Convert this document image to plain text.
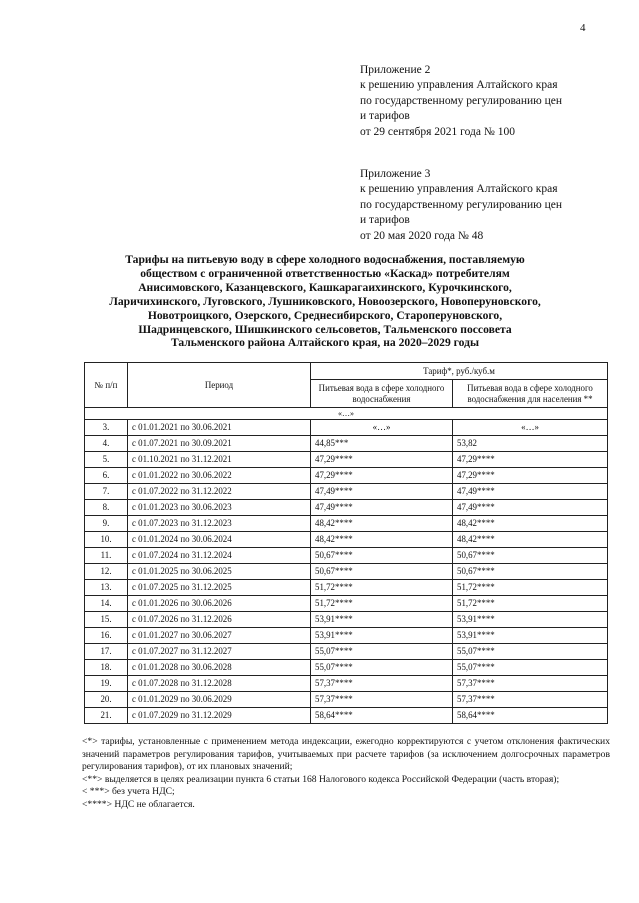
4
Приложение 2
к решению управления Алтайского края
по государственному регулированию цен
и тарифов
от 29 сентября 2021 года № 100
Приложение 3
к решению управления Алтайского края
по государственному регулированию цен
и тарифов
от 20 мая 2020 года № 48
Тарифы на питьевую воду в сфере холодного водоснабжения, поставляемую
обществом с ограниченной ответственностью «Каскад» потребителям
Анисимовского, Казанцевского, Кашкарагаихинского, Курочкинского,
Ларичихинского, Луговского, Лушниковского, Новоозерского, Новоперуновского,
Новотроицкого, Озерского, Среднесибирского, Староперуновского,
Шадринцевского, Шишкинского сельсоветов, Тальменского поссовета
Тальменского района Алтайского края, на 2020–2029 годы
№ п/п	Период	Тариф*, руб./куб.м	
		Питьевая вода в сфере холодного водоснабжения	Питьевая вода в сфере холодного водоснабжения для населения **
«…»			
3.	с 01.01.2021 по 30.06.2021	«…»	«…»
4.	с 01.07.2021 по 30.09.2021	44,85***	53,82
5.	с 01.10.2021 по 31.12.2021	47,29****	47,29****
6.	с 01.01.2022 по 30.06.2022	47,29****	47,29****
7.	с 01.07.2022 по 31.12.2022	47,49****	47,49****
8.	с 01.01.2023 по 30.06.2023	47,49****	47,49****
9.	с 01.07.2023 по 31.12.2023	48,42****	48,42****
10.	с 01.01.2024 по 30.06.2024	48,42****	48,42****
11.	с 01.07.2024 по 31.12.2024	50,67****	50,67****
12.	с 01.01.2025 по 30.06.2025	50,67****	50,67****
13.	с 01.07.2025 по 31.12.2025	51,72****	51,72****
14.	с 01.01.2026 по 30.06.2026	51,72****	51,72****
15.	с 01.07.2026 по 31.12.2026	53,91****	53,91****
16.	с 01.01.2027 по 30.06.2027	53,91****	53,91****
17.	с 01.07.2027 по 31.12.2027	55,07****	55,07****
18.	с 01.01.2028 по 30.06.2028	55,07****	55,07****
19.	с 01.07.2028 по 31.12.2028	57,37****	57,37****
20.	с 01.01.2029 по 30.06.2029	57,37****	57,37****
21.	с 01.07.2029 по 31.12.2029	58,64****	58,64****
<*> тарифы, установленные с применением метода индексации, ежегодно корректируются с учетом отклонения фактических значений параметров регулирования тарифов, учитываемых при расчете тарифов (за исключением долгосрочных параметров регулирования тарифов), от их плановых значений;
<**> выделяется в целях реализации пункта 6 статьи 168 Налогового кодекса Российской Федерации (часть вторая);
< ***> без учета НДС;
<****> НДС не облагается.
